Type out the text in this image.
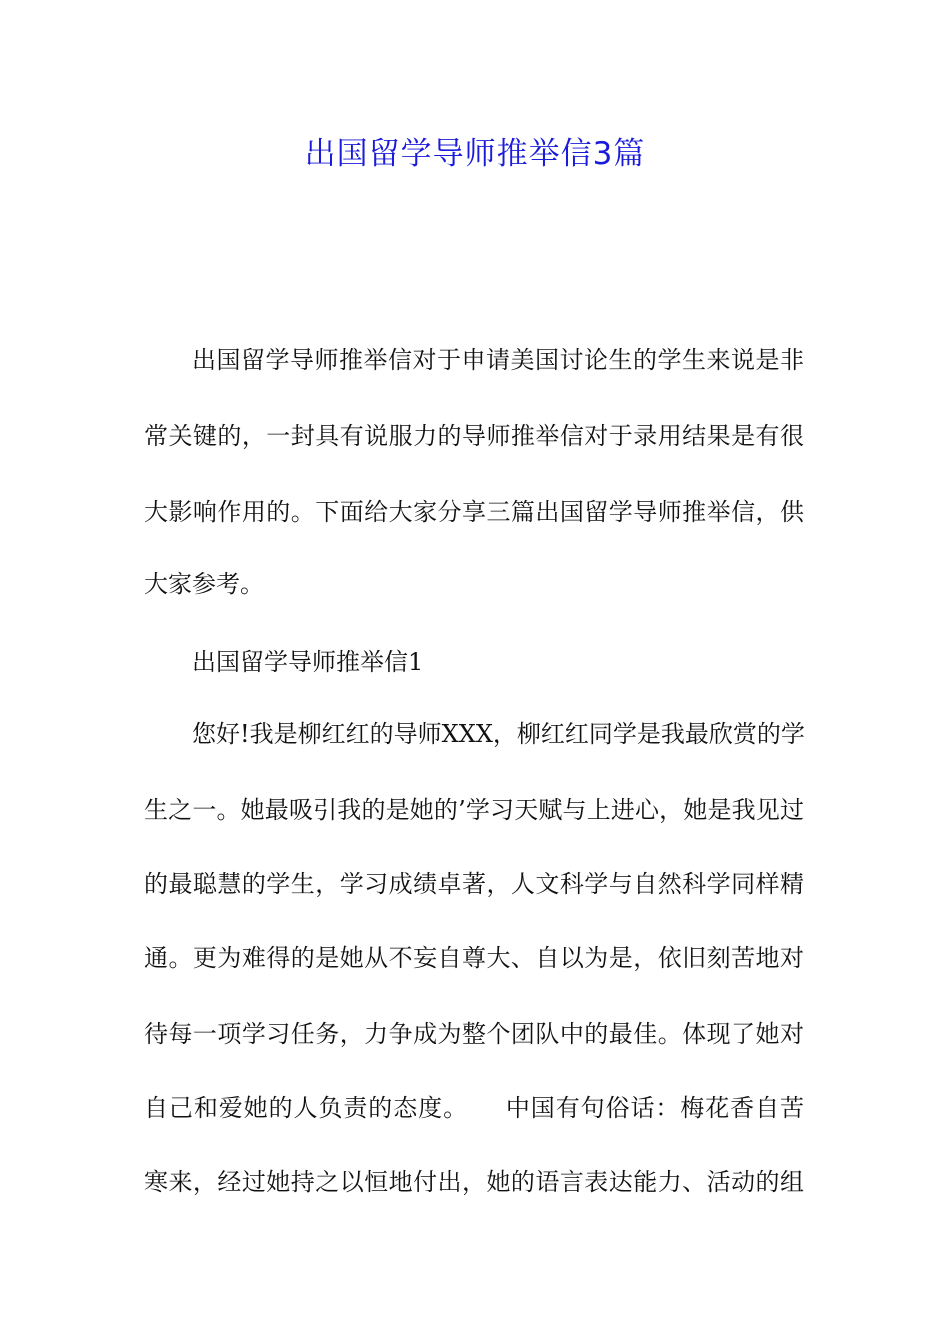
出国留学导师推举信3篇

出国留学导师推举信对于申请美国讨论生的学生来说是非

常关键的，一封具有说服力的导师推举信对于录用结果是有很

大影响作用的。下面给大家分享三篇出国留学导师推举信，供

大家参考。

出国留学导师推举信1

您好!我是柳红红的导师XXX，柳红红同学是我最欣赏的学

生之一。她最吸引我的是她的’学习天赋与上进心，她是我见过

的最聪慧的学生，学习成绩卓著，人文科学与自然科学同样精

通。更为难得的是她从不妄自尊大、自以为是，依旧刻苦地对

待每一项学习任务，力争成为整个团队中的最佳。体现了她对

自己和爱她的人负责的态度。　　中国有句俗话：梅花香自苦

寒来，经过她持之以恒地付出，她的语言表达能力、活动的组
